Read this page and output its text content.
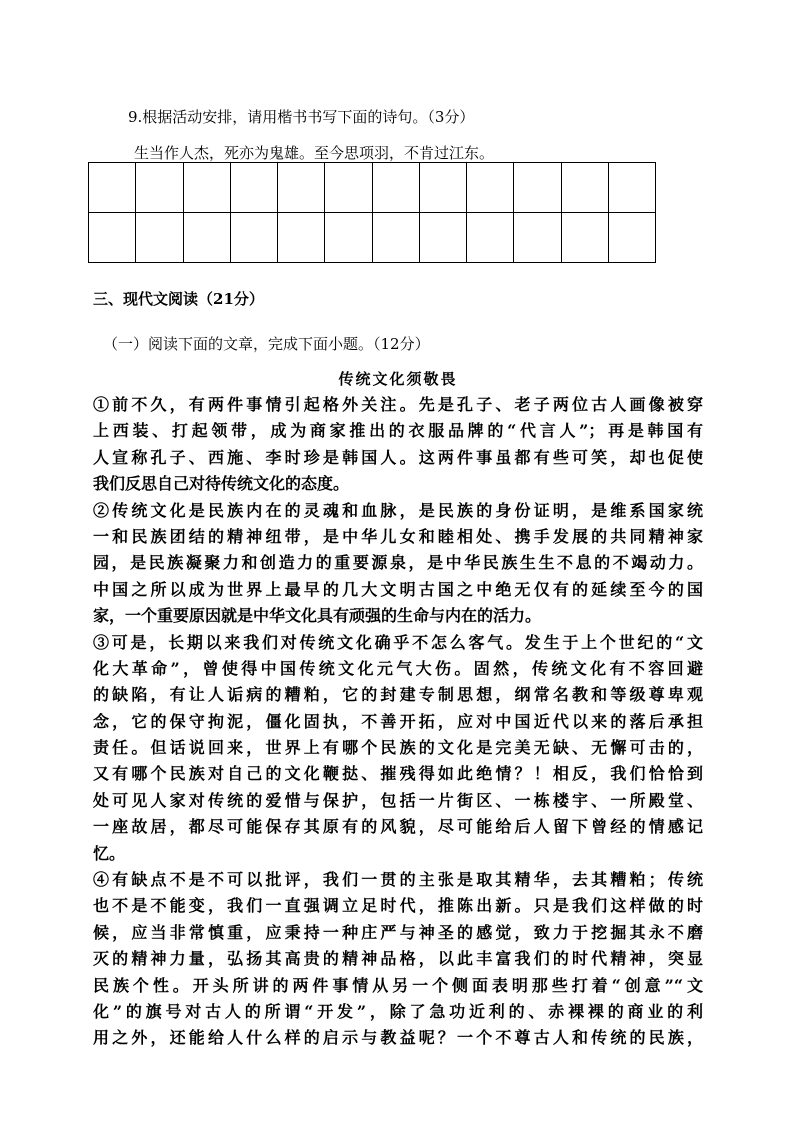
9.根据活动安排，请用楷书书写下面的诗句。（3分）
生当作人杰，死亦为鬼雄。至今思项羽，不肯过江东。

三、现代文阅读（21分）
（一）阅读下面的文章，完成下面小题。（12分）
传统文化须敬畏
①前不久，有两件事情引起格外关注。先是孔子、老子两位古人画像被穿
上西装、打起领带，成为商家推出的衣服品牌的“代言人”；再是韩国有
人宣称孔子、西施、李时珍是韩国人。这两件事虽都有些可笑，却也促使
我们反思自己对待传统文化的态度。
②传统文化是民族内在的灵魂和血脉，是民族的身份证明，是维系国家统
一和民族团结的精神纽带，是中华儿女和睦相处、携手发展的共同精神家
园，是民族凝聚力和创造力的重要源泉，是中华民族生生不息的不竭动力。
中国之所以成为世界上最早的几大文明古国之中绝无仅有的延续至今的国
家，一个重要原因就是中华文化具有顽强的生命与内在的活力。
③可是，长期以来我们对传统文化确乎不怎么客气。发生于上个世纪的“文
化大革命”，曾使得中国传统文化元气大伤。固然，传统文化有不容回避
的缺陷，有让人诟病的糟粕，它的封建专制思想，纲常名教和等级尊卑观
念，它的保守拘泥，僵化固执，不善开拓，应对中国近代以来的落后承担
责任。但话说回来，世界上有哪个民族的文化是完美无缺、无懈可击的，
又有哪个民族对自己的文化鞭挞、摧残得如此绝情？！相反，我们恰恰到
处可见人家对传统的爱惜与保护，包括一片街区、一栋楼宇、一所殿堂、
一座故居，都尽可能保存其原有的风貌，尽可能给后人留下曾经的情感记
忆。
④有缺点不是不可以批评，我们一贯的主张是取其精华，去其糟粕；传统
也不是不能变，我们一直强调立足时代，推陈出新。只是我们这样做的时
候，应当非常慎重，应秉持一种庄严与神圣的感觉，致力于挖掘其永不磨
灭的精神力量，弘扬其高贵的精神品格，以此丰富我们的时代精神，突显
民族个性。开头所讲的两件事情从另一个侧面表明那些打着“创意”“文
化”的旗号对古人的所谓“开发”，除了急功近利的、赤裸裸的商业的利
用之外，还能给人什么样的启示与教益呢？一个不尊古人和传统的民族，
